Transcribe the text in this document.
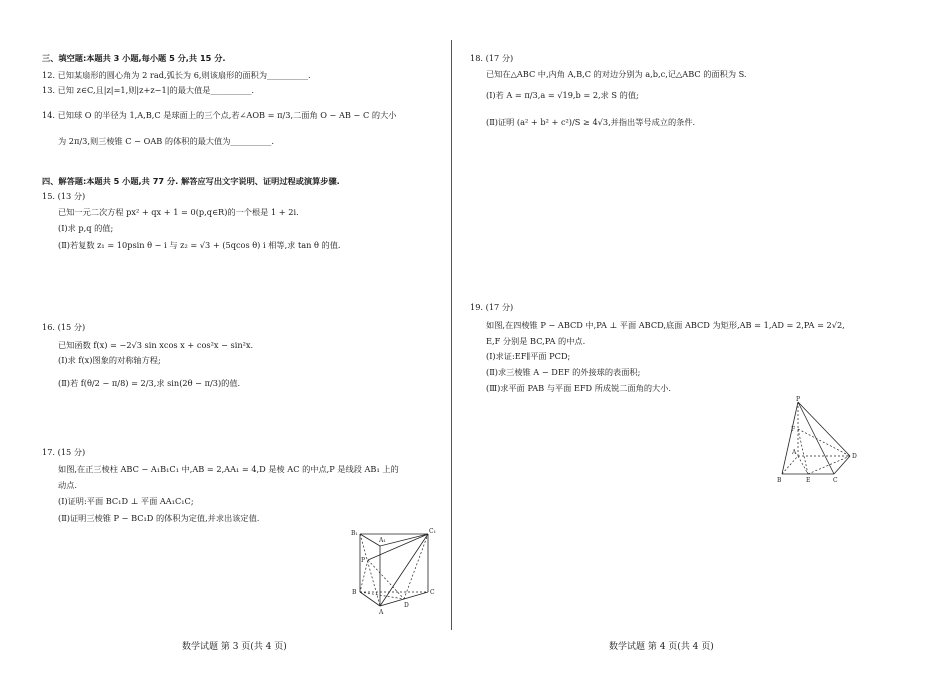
三、填空题:本题共 3 小题,每小题 5 分,共 15 分.
12. 已知某扇形的圆心角为 2 rad,弧长为 6,则该扇形的面积为__________.
13. 已知 z∈C,且|z|=1,则|z+z−1|的最大值是__________.
14. 已知球 O 的半径为 1,A,B,C 是球面上的三个点,若∠AOB = π/3,二面角 O − AB − C 的大小
为 2π/3,则三棱锥 C − OAB 的体积的最大值为__________.
四、解答题:本题共 5 小题,共 77 分. 解答应写出文字说明、证明过程或演算步骤.
15. (13 分)
已知一元二次方程 px² + qx + 1 = 0(p,q∈R)的一个根是 1 + 2i.
(Ⅰ)求 p,q 的值;
(Ⅱ)若复数 z₁ = 10psin θ − i 与 z₂ = √3 + (5qcos θ) i 相等,求 tan θ 的值.
16. (15 分)
已知函数 f(x) = −2√3 sin xcos x + cos²x − sin²x.
(Ⅰ)求 f(x)图象的对称轴方程;
(Ⅱ)若 f(θ/2 − π/8) = 2/3,求 sin(2θ − π/3)的值.
17. (15 分)
如图,在正三棱柱 ABC − A₁B₁C₁ 中,AB = 2,AA₁ = 4,D 是棱 AC 的中点,P 是线段 AB₁ 上的
动点.
(Ⅰ)证明:平面 BC₁D ⊥ 平面 AA₁C₁C;
(Ⅱ)证明三棱锥 P − BC₁D 的体积为定值,并求出该定值.
B₁
A₁
C₁
P
B	C
D
A
数学试题 第 3 页(共 4 页)
18. (17 分)
已知在△ABC 中,内角 A,B,C 的对边分别为 a,b,c,记△ABC 的面积为 S.
(Ⅰ)若 A = π/3,a = √19,b = 2,求 S 的值;
(Ⅱ)证明 (a² + b² + c²)/S ≥ 4√3,并指出等号成立的条件.
19. (17 分)
如图,在四棱锥 P − ABCD 中,PA ⊥ 平面 ABCD,底面 ABCD 为矩形,AB = 1,AD = 2,PA = 2√2,
E,F 分别是 BC,PA 的中点.
(Ⅰ)求证:EF∥平面 PCD;
(Ⅱ)求三棱锥 A − DEF 的外接球的表面积;
(Ⅲ)求平面 PAB 与平面 EFD 所成锐二面角的大小.
P
F
A
D
B	E	C
数学试题 第 4 页(共 4 页)
